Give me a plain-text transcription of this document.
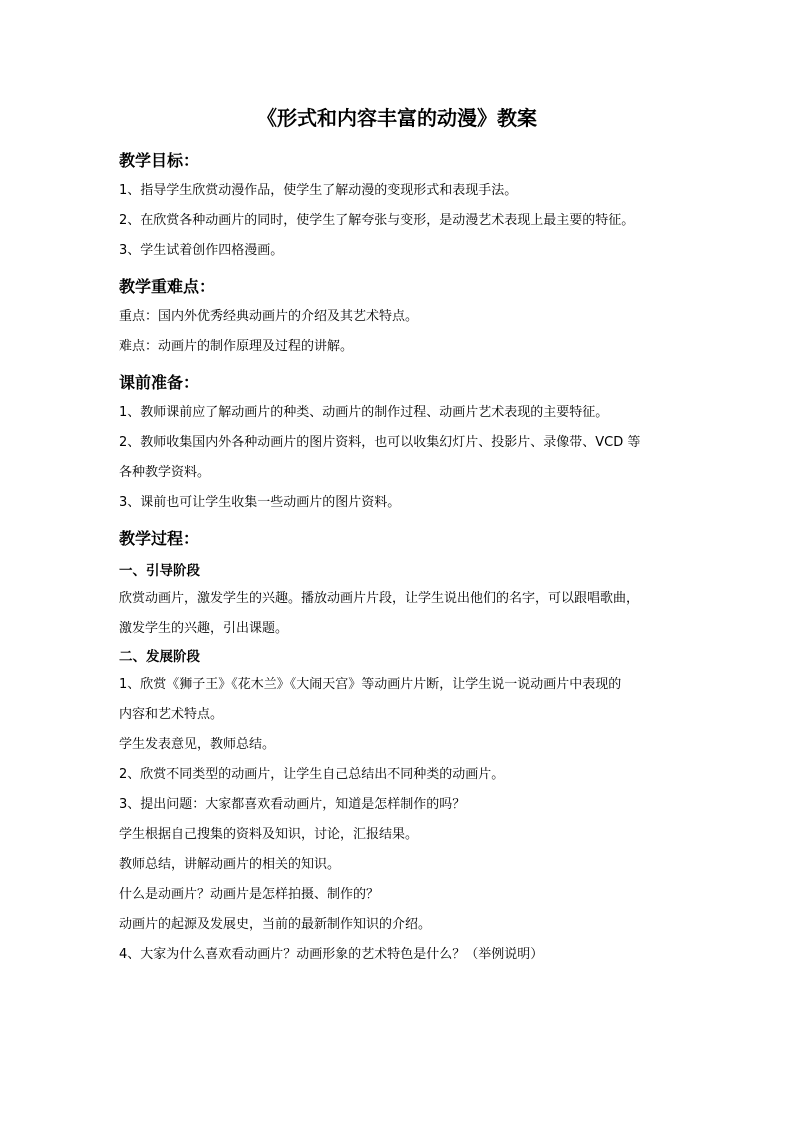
《形式和内容丰富的动漫》教案
教学目标：

1、指导学生欣赏动漫作品，使学生了解动漫的变现形式和表现手法。

2、在欣赏各种动画片的同时，使学生了解夸张与变形，是动漫艺术表现上最主要的特征。

3、学生试着创作四格漫画。

教学重难点：

重点：国内外优秀经典动画片的介绍及其艺术特点。

难点：动画片的制作原理及过程的讲解。

课前准备：

1、教师课前应了解动画片的种类、动画片的制作过程、动画片艺术表现的主要特征。

2、教师收集国内外各种动画片的图片资料，也可以收集幻灯片、投影片、录像带、VCD 等

各种教学资料。

3、课前也可让学生收集一些动画片的图片资料。

教学过程：
一、引导阶段

欣赏动画片，激发学生的兴趣。播放动画片片段，让学生说出他们的名字，可以跟唱歌曲，

激发学生的兴趣，引出课题。

二、发展阶段

1、欣赏《狮子王》《花木兰》《大闹天宫》等动画片片断，让学生说一说动画片中表现的

内容和艺术特点。

学生发表意见，教师总结。

2、欣赏不同类型的动画片，让学生自己总结出不同种类的动画片。

3、提出问题：大家都喜欢看动画片，知道是怎样制作的吗？

学生根据自己搜集的资料及知识，讨论，汇报结果。

教师总结，讲解动画片的相关的知识。

什么是动画片？动画片是怎样拍摄、制作的？

动画片的起源及发展史，当前的最新制作知识的介绍。

4、大家为什么喜欢看动画片？动画形象的艺术特色是什么？（举例说明）
